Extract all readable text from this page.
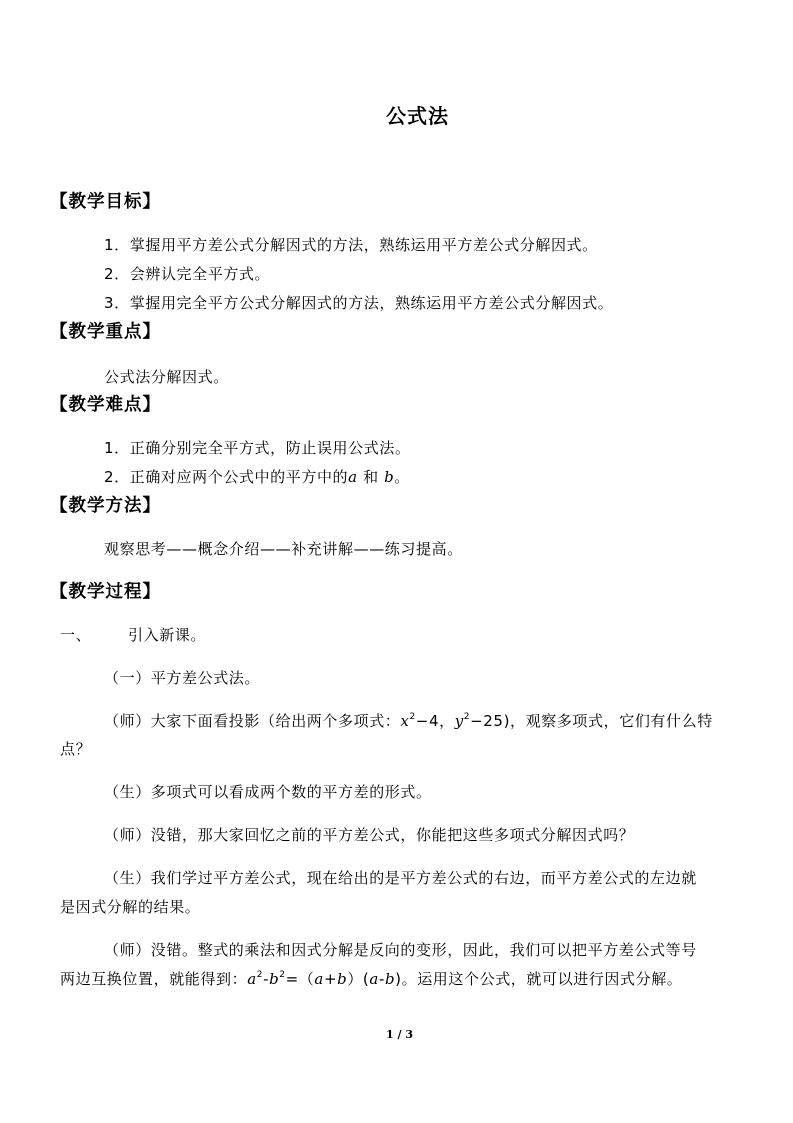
公式法
【教学目标】
1．掌握用平方差公式分解因式的方法，熟练运用平方差公式分解因式。
2．会辨认完全平方式。
3．掌握用完全平方公式分解因式的方法，熟练运用平方差公式分解因式。
【教学重点】
公式法分解因式。
【教学难点】
1．正确分别完全平方式，防止误用公式法。
2．正确对应两个公式中的平方中的a 和 b。
【教学方法】
观察思考——概念介绍——补充讲解——练习提高。
【教学过程】
一、 引入新课。
（一）平方差公式法。
（师）大家下面看投影（给出两个多项式：$x^2-4$，$y^2-25$)，观察多项式，它们有什么特
点？
（生）多项式可以看成两个数的平方差的形式。
（师）没错，那大家回忆之前的平方差公式，你能把这些多项式分解因式吗？
（生）我们学过平方差公式，现在给出的是平方差公式的右边，而平方差公式的左边就
是因式分解的结果。
（师）没错。整式的乘法和因式分解是反向的变形，因此，我们可以把平方差公式等号
两边互换位置，就能得到：$a^2-b^2=(a+b)(a-b)$。运用这个公式，就可以进行因式分解。
1 / 3
